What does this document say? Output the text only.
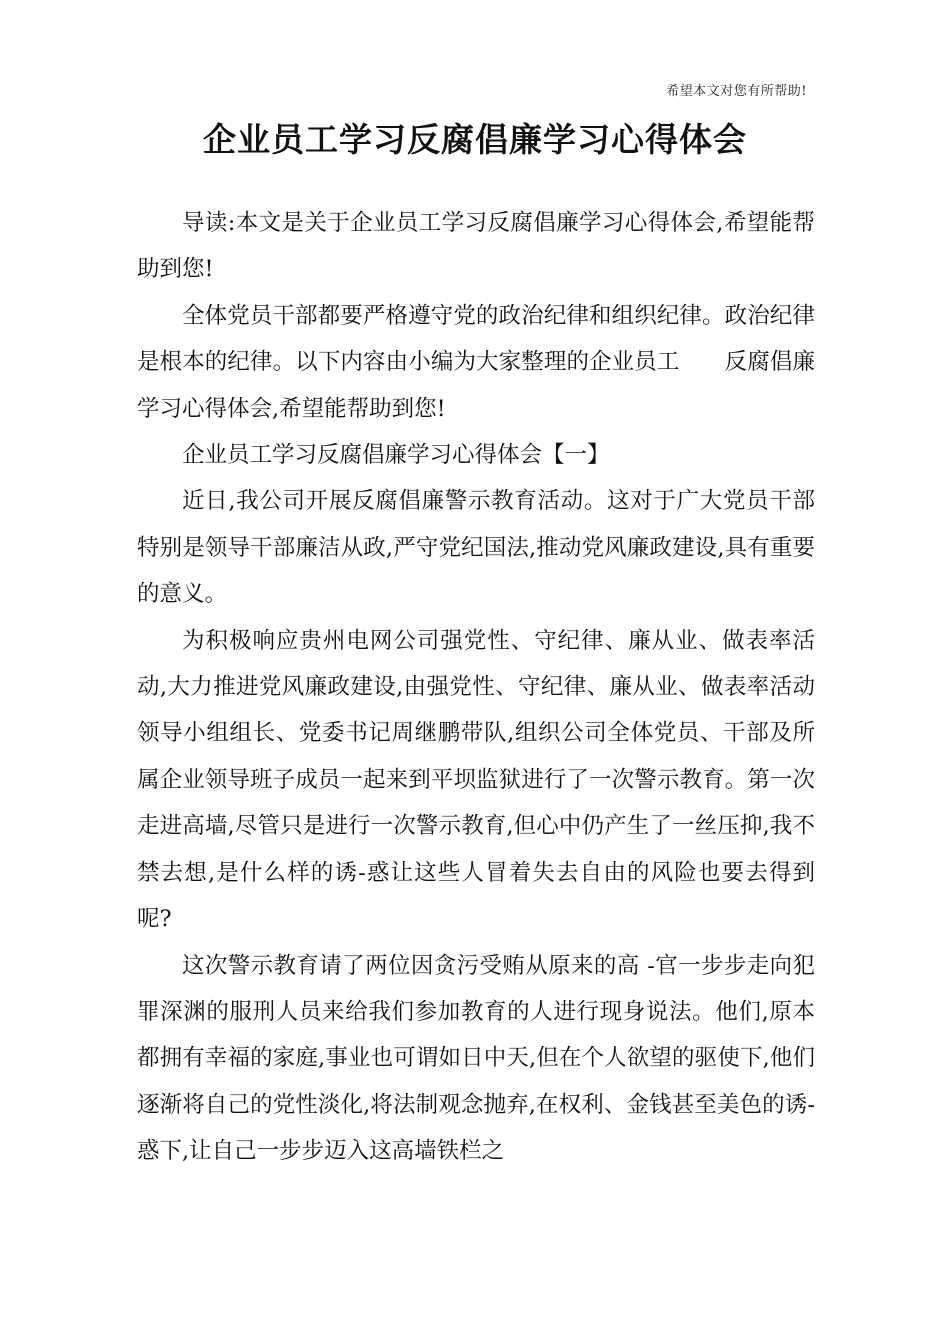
希望本文对您有所帮助!
企业员工学习反腐倡廉学习心得体会

导读:本文是关于企业员工学习反腐倡廉学习心得体会,希望能帮助到您!

全体党员干部都要严格遵守党的政治纪律和组织纪律。政治纪律是根本的纪律。以下内容由小编为大家整理的企业员工　　反腐倡廉学习心得体会,希望能帮助到您!

企业员工学习反腐倡廉学习心得体会【一】

近日,我公司开展反腐倡廉警示教育活动。这对于广大党员干部特别是领导干部廉洁从政,严守党纪国法,推动党风廉政建设,具有重要的意义。

为积极响应贵州电网公司强党性、守纪律、廉从业、做表率活动,大力推进党风廉政建设,由强党性、守纪律、廉从业、做表率活动领导小组组长、党委书记周继鹏带队,组织公司全体党员、干部及所属企业领导班子成员一起来到平坝监狱进行了一次警示教育。第一次走进高墙,尽管只是进行一次警示教育,但心中仍产生了一丝压抑,我不禁去想,是什么样的诱-惑让这些人冒着失去自由的风险也要去得到呢?

这次警示教育请了两位因贪污受贿从原来的高 -官一步步走向犯罪深渊的服刑人员来给我们参加教育的人进行现身说法。他们,原本都拥有幸福的家庭,事业也可谓如日中天,但在个人欲望的驱使下,他们逐渐将自己的党性淡化,将法制观念抛弃,在权利、金钱甚至美色的诱-惑下,让自己一步步迈入这高墙铁栏之
